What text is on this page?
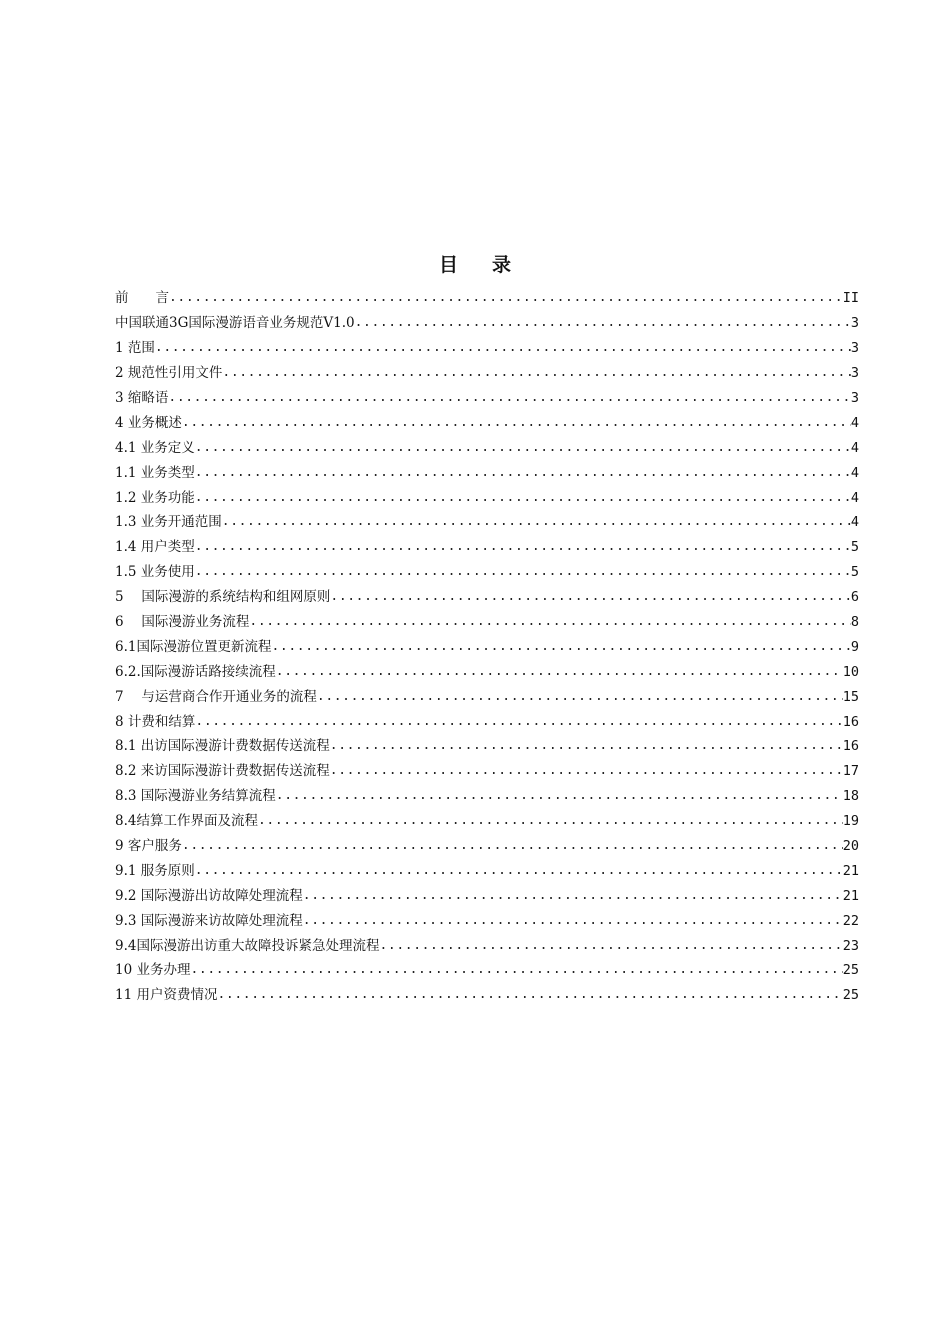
目录
前　　言 .....	II
中国联通3G国际漫游语音业务规范V1.0 .....	3
1 范围 .....	3
2 规范性引用文件 .....	3
3 缩略语 .....	3
4 业务概述 .....	4
4.1 业务定义 .....	4
1.1 业务类型 .....	4
1.2 业务功能 .....	4
1.3 业务开通范围 .....	4
1.4 用户类型 .....	5
1.5 业务使用 .....	5
5　 国际漫游的系统结构和组网原则 .....	6
6　 国际漫游业务流程 .....	8
6.1国际漫游位置更新流程 .....	9
6.2.国际漫游话路接续流程 .....	10
7　 与运营商合作开通业务的流程 .....	15
8 计费和结算 .....	16
8.1 出访国际漫游计费数据传送流程 .....	16
8.2 来访国际漫游计费数据传送流程 .....	17
8.3 国际漫游业务结算流程 .....	18
8.4结算工作界面及流程 .....	19
9 客户服务 .....	20
9.1 服务原则 .....	21
9.2 国际漫游出访故障处理流程 .....	21
9.3 国际漫游来访故障处理流程 .....	22
9.4国际漫游出访重大故障投诉紧急处理流程 .....	23
10 业务办理 .....	25
11 用户资费情况 .....	25
